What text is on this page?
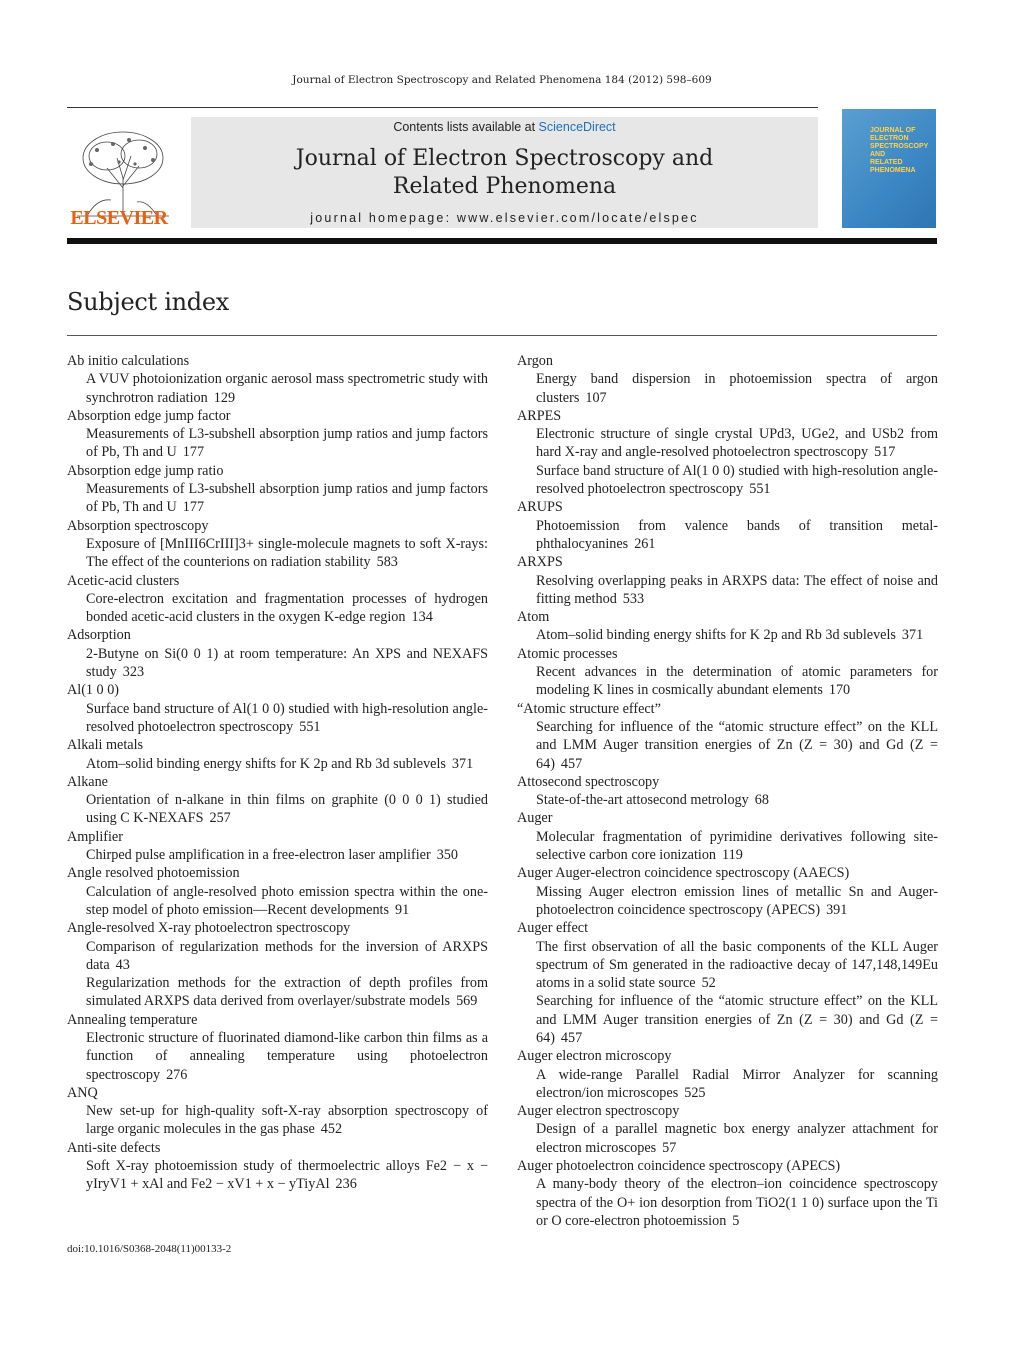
Journal of Electron Spectroscopy and Related Phenomena 184 (2012) 598–609
ELSEVIER
Contents lists available at ScienceDirect
Journal of Electron Spectroscopy and
Related Phenomena
journal homepage: www.elsevier.com/locate/elspec
JOURNAL OF
ELECTRON
SPECTROSCOPY
AND
RELATED PHENOMENA
Subject index
Ab initio calculations
A VUV photoionization organic aerosol mass spectrometric study with synchrotron radiation 129
Absorption edge jump factor
Measurements of L3-subshell absorption jump ratios and jump factors of Pb, Th and U 177
Absorption edge jump ratio
Measurements of L3-subshell absorption jump ratios and jump factors of Pb, Th and U 177
Absorption spectroscopy
Exposure of [MnIII6CrIII]3+ single-molecule magnets to soft X-rays: The effect of the counterions on radiation stability 583
Acetic-acid clusters
Core-electron excitation and fragmentation processes of hydrogen bonded acetic-acid clusters in the oxygen K-edge region 134
Adsorption
2-Butyne on Si(0 0 1) at room temperature: An XPS and NEXAFS study 323
Al(1 0 0)
Surface band structure of Al(1 0 0) studied with high-resolution angle-resolved photoelectron spectroscopy 551
Alkali metals
Atom–solid binding energy shifts for K 2p and Rb 3d sublevels 371
Alkane
Orientation of n-alkane in thin films on graphite (0 0 0 1) studied using C K-NEXAFS 257
Amplifier
Chirped pulse amplification in a free-electron laser amplifier 350
Angle resolved photoemission
Calculation of angle-resolved photo emission spectra within the one-step model of photo emission—Recent developments 91
Angle-resolved X-ray photoelectron spectroscopy
Comparison of regularization methods for the inversion of ARXPS data 43
Regularization methods for the extraction of depth profiles from simulated ARXPS data derived from overlayer/substrate models 569
Annealing temperature
Electronic structure of fluorinated diamond-like carbon thin films as a function of annealing temperature using photoelectron spectroscopy 276
ANQ
New set-up for high-quality soft-X-ray absorption spectroscopy of large organic molecules in the gas phase 452
Anti-site defects
Soft X-ray photoemission study of thermoelectric alloys Fe2 − x − yIryV1 + xAl and Fe2 − xV1 + x − yTiyAl 236
Argon
Energy band dispersion in photoemission spectra of argon clusters 107
ARPES
Electronic structure of single crystal UPd3, UGe2, and USb2 from hard X-ray and angle-resolved photoelectron spectroscopy 517
Surface band structure of Al(1 0 0) studied with high-resolution angle-resolved photoelectron spectroscopy 551
ARUPS
Photoemission from valence bands of transition metal-phthalocyanines 261
ARXPS
Resolving overlapping peaks in ARXPS data: The effect of noise and fitting method 533
Atom
Atom–solid binding energy shifts for K 2p and Rb 3d sublevels 371
Atomic processes
Recent advances in the determination of atomic parameters for modeling K lines in cosmically abundant elements 170
“Atomic structure effect”
Searching for influence of the “atomic structure effect” on the KLL and LMM Auger transition energies of Zn (Z = 30) and Gd (Z = 64) 457
Attosecond spectroscopy
State-of-the-art attosecond metrology 68
Auger
Molecular fragmentation of pyrimidine derivatives following site-selective carbon core ionization 119
Auger Auger-electron coincidence spectroscopy (AAECS)
Missing Auger electron emission lines of metallic Sn and Auger-photoelectron coincidence spectroscopy (APECS) 391
Auger effect
The first observation of all the basic components of the KLL Auger spectrum of Sm generated in the radioactive decay of 147,148,149Eu atoms in a solid state source 52
Searching for influence of the “atomic structure effect” on the KLL and LMM Auger transition energies of Zn (Z = 30) and Gd (Z = 64) 457
Auger electron microscopy
A wide-range Parallel Radial Mirror Analyzer for scanning electron/ion microscopes 525
Auger electron spectroscopy
Design of a parallel magnetic box energy analyzer attachment for electron microscopes 57
Auger photoelectron coincidence spectroscopy (APECS)
A many-body theory of the electron–ion coincidence spectroscopy spectra of the O+ ion desorption from TiO2(1 1 0) surface upon the Ti or O core-electron photoemission 5
doi:10.1016/S0368-2048(11)00133-2
